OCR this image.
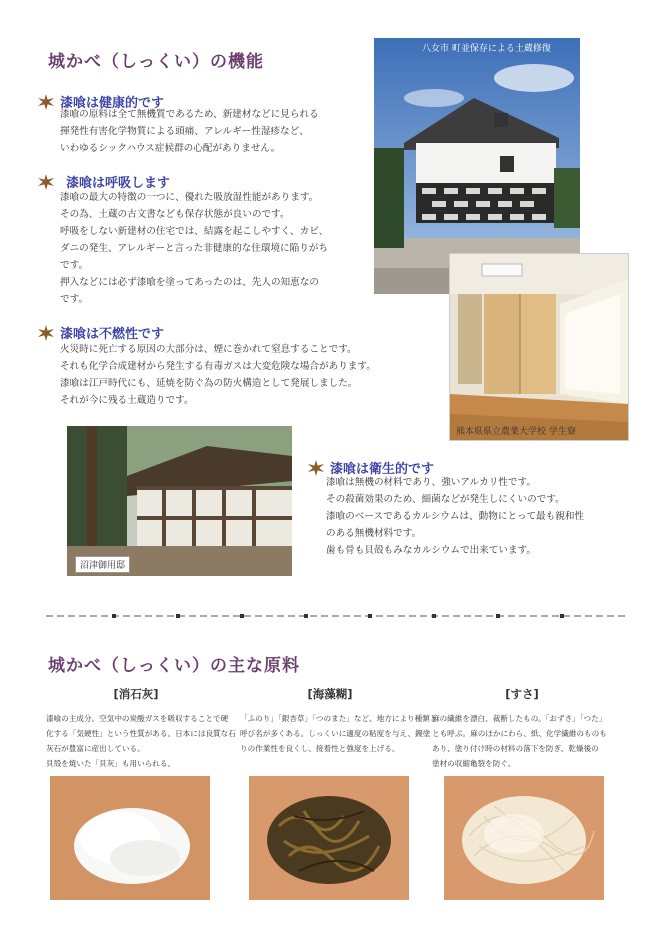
城かべ（しっくい）の機能
漆喰は健康的です
漆喰の原料は全て無機質であるため、新建材などに見られる
揮発性有害化学物質による頭痛、アレルギー性湿疹など、
いわゆるシックハウス症候群の心配がありません。
漆喰は呼吸します
漆喰の最大の特徴の一つに、優れた吸放湿性能があります。
その為、土蔵の古文書なども保存状態が良いのです。
呼吸をしない新建材の住宅では、結露を起こしやすく、カビ、
ダニの発生、アレルギーと言った非健康的な住環境に陥りがち
です。
押入などには必ず漆喰を塗ってあったのは、先人の知恵なの
です。
漆喰は不燃性です
火災時に死亡する原因の大部分は、煙に巻かれて窒息することです。
それも化学合成建材から発生する有毒ガスは大変危険な場合があります。
漆喰は江戸時代にも、延焼を防ぐ為の防火構造として発展しました。
それが今に残る土蔵造りです。
漆喰は衛生的です
漆喰は無機の材料であり、強いアルカリ性です。
その殺菌効果のため、細菌などが発生しにくいのです。
漆喰のベースであるカルシウムは、動物にとって最も親和性
のある無機材料です。
歯も骨も貝殻もみなカルシウムで出来ています。
八女市 町並保存による土蔵修復
熊本県県立農業大学校 学生寮
沼津御用邸
城かべ（しっくい）の主な原料
[消石灰]
漆喰の主成分。空気中の炭酸ガスを吸収することで硬
化する「気硬性」という性質がある。日本には良質な石
灰石が豊富に産出している。
貝殻を焼いた「貝灰」も用いられる。
[海藻糊]
「ふのり」「銀杏草」「つのまた」など、地方により種類と
呼び名が多くある。しっくいに適度の粘度を与え、鏝塗
りの作業性を良くし、接着性と強度を上げる。
[すさ]
麻の繊維を漂白、裁断したもの。「おずさ」「つた」
とも呼ぶ。麻のほかにわら、紙、化学繊維のものも
あり、塗り付け時の材料の落下を防ぎ、乾燥後の
塗材の収縮亀裂を防ぐ。
